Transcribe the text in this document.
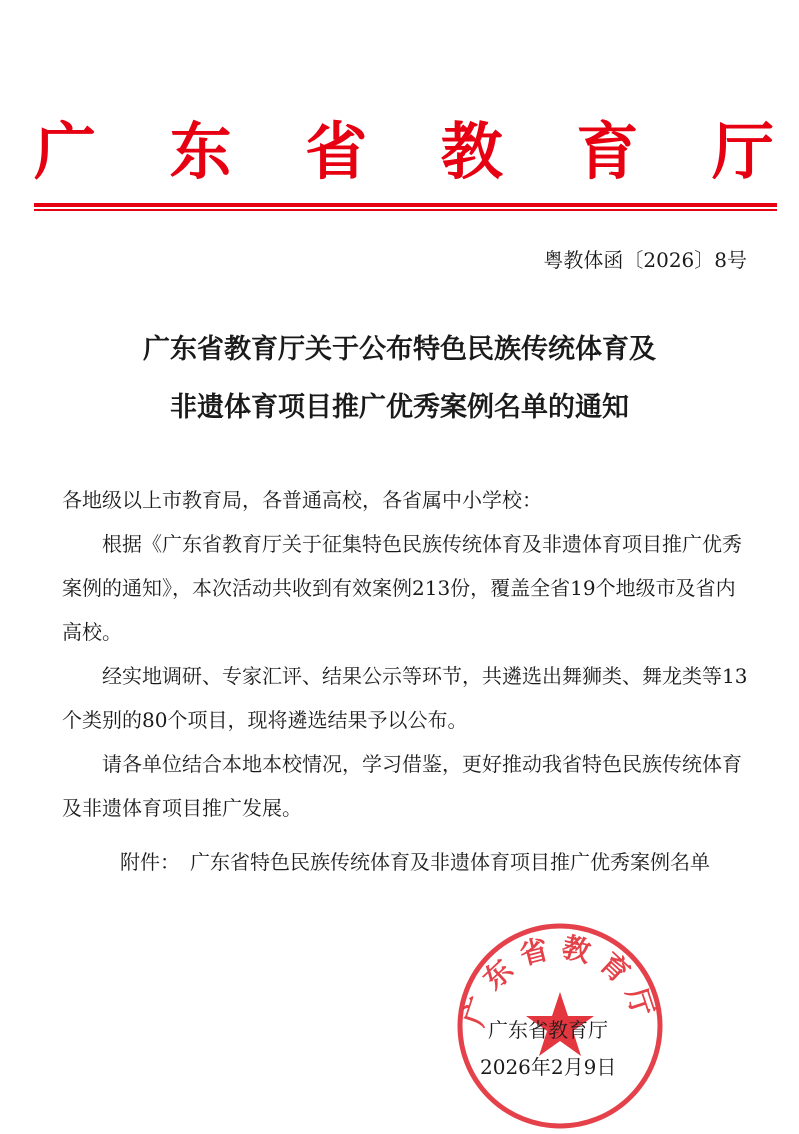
广 东 省 教 育 厅
粤教体函〔2026〕8号
广东省教育厅关于公布特色民族传统体育及
非遗体育项目推广优秀案例名单的通知
各地级以上市教育局，各普通高校，各省属中小学校：
根据《广东省教育厅关于征集特色民族传统体育及非遗体育项目推广优秀案例的通知》，本次活动共收到有效案例213份，覆盖全省19个地级市及省内高校。
经实地调研、专家汇评、结果公示等环节，共遴选出舞狮类、舞龙类等13个类别的80个项目，现将遴选结果予以公布。
请各单位结合本地本校情况，学习借鉴，更好推动我省特色民族传统体育及非遗体育项目推广发展。
附件： 广东省特色民族传统体育及非遗体育项目推广优秀案例名单
广东省教育厅
广东省教育厅
2026年2月9日
